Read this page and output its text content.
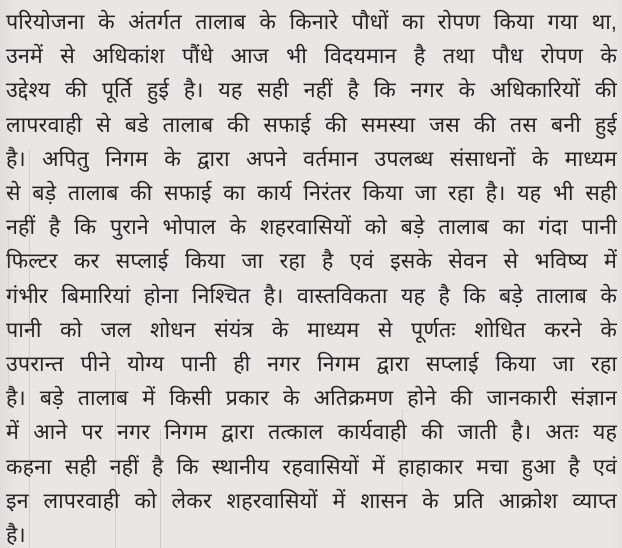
परियोजना के अंतर्गत तालाब के किनारे पौधों का रोपण किया गया था,
उनमें से अधिकांश पौंधे आज भी विदयमान है तथा पौध रोपण के
उद्देश्य की पूर्ति हुई है। यह सही नहीं है कि नगर के अधिकारियों की
लापरवाही से बडे तालाब की सफाई की समस्या जस की तस बनी हुई
है। अपितु निगम के द्वारा अपने वर्तमान उपलब्ध संसाधनों के माध्यम
से बड़े तालाब की सफाई का कार्य निरंतर किया जा रहा है। यह भी सही
नहीं है कि पुराने भोपाल के शहरवासियों को बड़े तालाब का गंदा पानी
फिल्टर कर सप्लाई किया जा रहा है एवं इसके सेवन से भविष्य में
गंभीर बिमारियां होना निश्चित है। वास्तविकता यह है कि बड़े तालाब के
पानी को जल शोधन संयंत्र के माध्यम से पूर्णतः शोधित करने के
उपरान्त पीने योग्य पानी ही नगर निगम द्वारा सप्लाई किया जा रहा
है। बड़े तालाब में किसी प्रकार के अतिक्रमण होने की जानकारी संज्ञान
में आने पर नगर निगम द्वारा तत्काल कार्यवाही की जाती है। अतः यह
कहना सही नहीं है कि स्थानीय रहवासियों में हाहाकार मचा हुआ है एवं
इन लापरवाही को लेकर शहरवासियों में शासन के प्रति आक्रोश व्याप्त
है।
